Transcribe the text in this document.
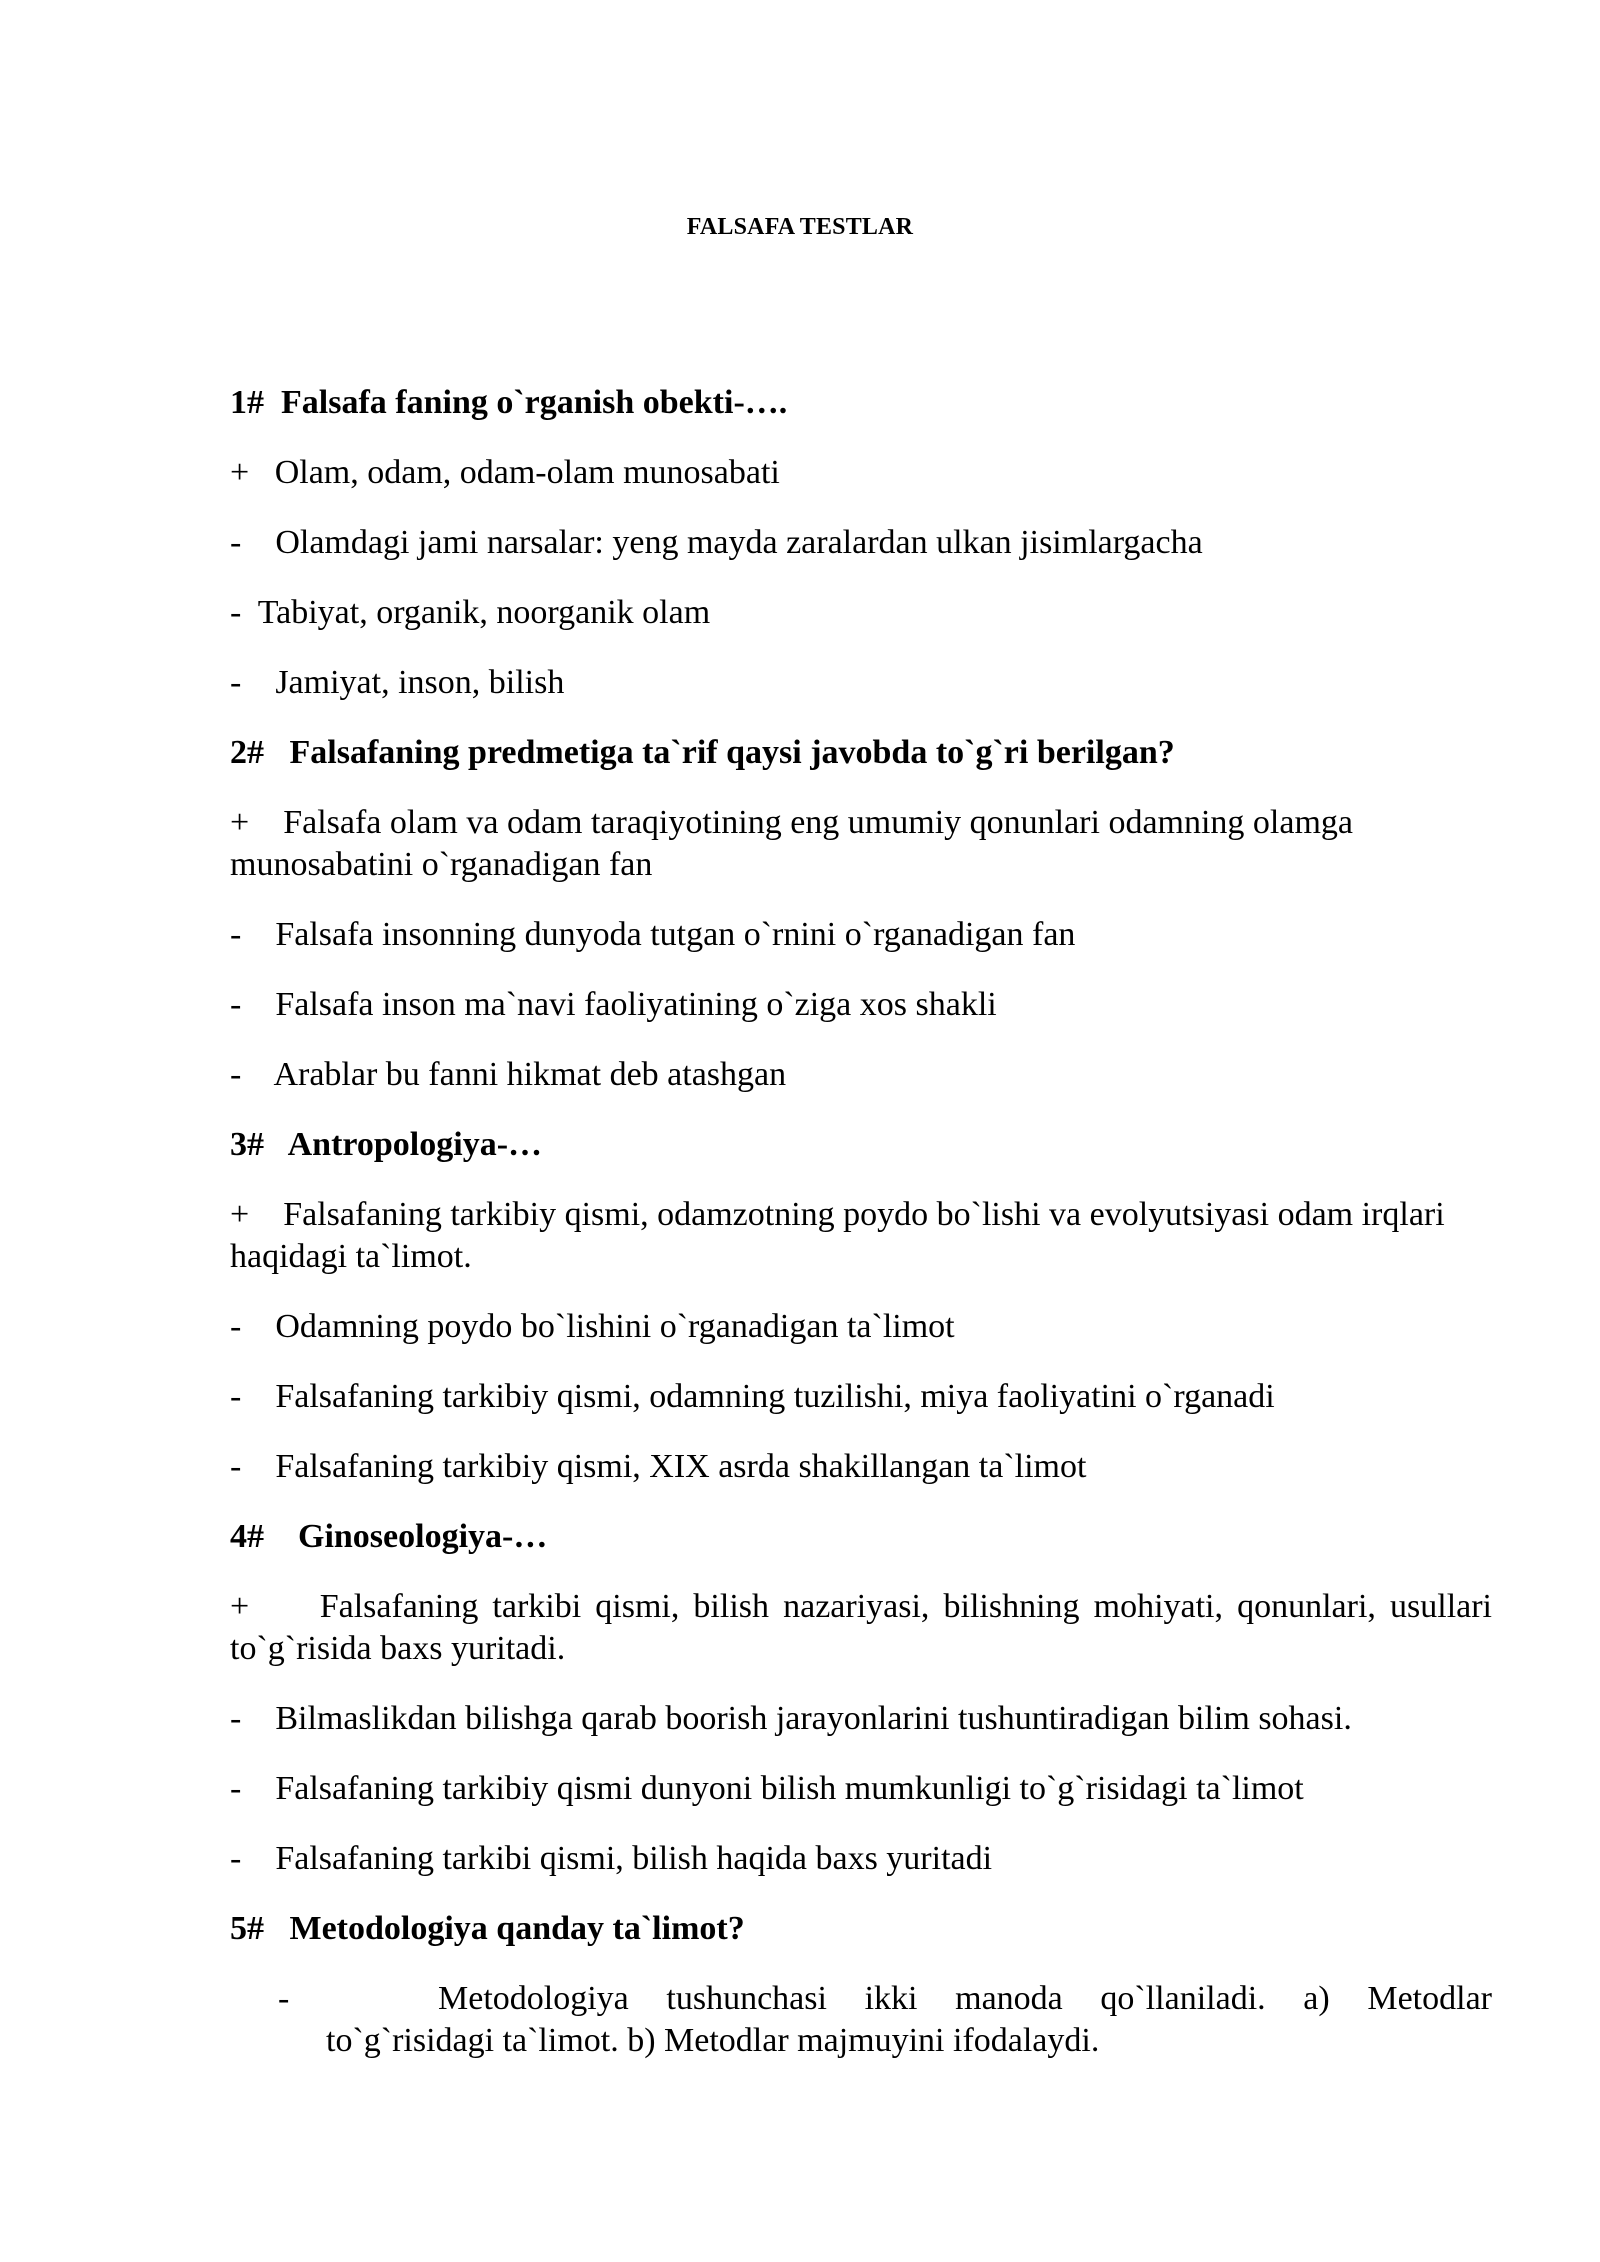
FALSAFA TESTLAR
1#  Falsafa faning o`rganish obekti-….
+   Olam, odam, odam-olam munosabati
-    Olamdagi jami narsalar: yeng mayda zaralardan ulkan jisimlargacha
-  Tabiyat, organik, noorganik olam
-    Jamiyat, inson, bilish
2#   Falsafaning predmetiga ta`rif qaysi javobda to`g`ri berilgan?
+    Falsafa olam va odam taraqiyotining eng umumiy qonunlari odamning olamga munosabatini o`rganadigan fan
-    Falsafa insonning dunyoda tutgan o`rnini o`rganadigan fan
-    Falsafa inson ma`navi faoliyatining o`ziga xos shakli
-    Arablar bu fanni hikmat deb atashgan
3#   Antropologiya-…
+    Falsafaning tarkibiy qismi, odamzotning poydo bo`lishi va evolyutsiyasi odam irqlari haqidagi ta`limot.
-    Odamning poydo bo`lishini o`rganadigan ta`limot
-    Falsafaning tarkibiy qismi, odamning tuzilishi, miya faoliyatini o`rganadi
-    Falsafaning tarkibiy qismi, XIX asrda shakillangan ta`limot
4#    Ginoseologiya-…
+     Falsafaning tarkibi qismi, bilish nazariyasi, bilishning mohiyati, qonunlari, usullari to`g`risida baxs yuritadi.
-    Bilmaslikdan bilishga qarab boorish jarayonlarini tushuntiradigan bilim sohasi.
-    Falsafaning tarkibiy qismi dunyoni bilish mumkunligi to`g`risidagi ta`limot
-    Falsafaning tarkibi qismi, bilish haqida baxs yuritadi
5#   Metodologiya qanday ta`limot?
-	Metodologiya tushunchasi ikki manoda qo`llaniladi. a) Metodlar to`g`risidagi ta`limot. b) Metodlar majmuyini ifodalaydi.
